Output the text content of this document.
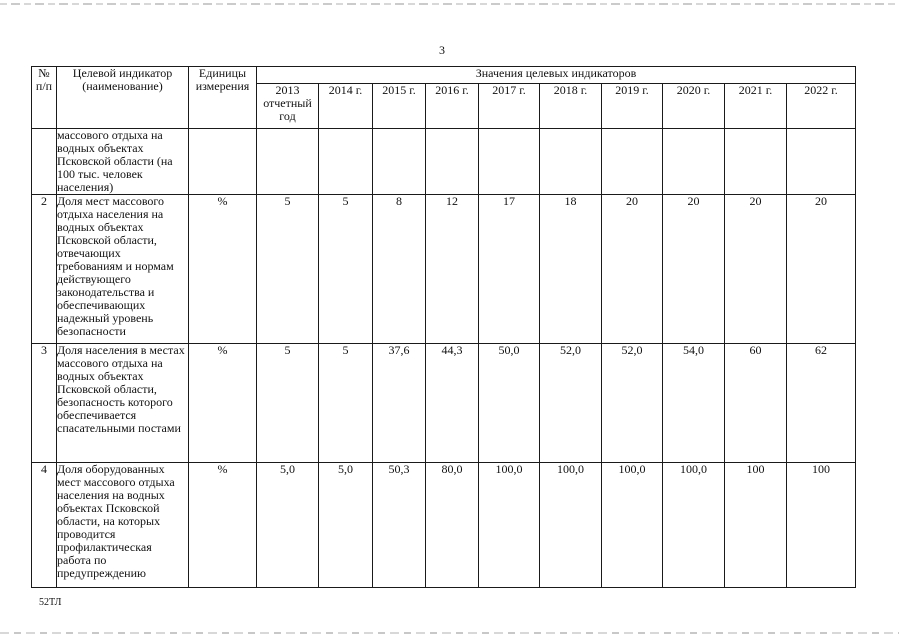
3
№ п/п	Целевой индикатор (наименование)	Единицы измерения	Значения целевых индикаторов									
			2013 отчетный год	2014 г.	2015 г.	2016 г.	2017 г.	2018 г.	2019 г.	2020 г.	2021 г.	2022 г.
	массового отдыха на водных объектах Псковской области (на 100 тыс. человек населения)											
2	Доля мест массового отдыха населения на водных объектах Псковской области, отвечающих требованиям и нормам действующего законодательства и обеспечивающих надежный уровень безопасности	%	5	5	8	12	17	18	20	20	20	20
3	Доля населения в местах массового отдыха на водных объектах Псковской области, безопасность которого обеспечивается спасательными постами	%	5	5	37,6	44,3	50,0	52,0	52,0	54,0	60	62
4	Доля оборудованных мест массового отдыха населения на водных объектах Псковской области, на которых проводится профилактическая работа по предупреждению	%	5,0	5,0	50,3	80,0	100,0	100,0	100,0	100,0	100	100
52ТЛ
